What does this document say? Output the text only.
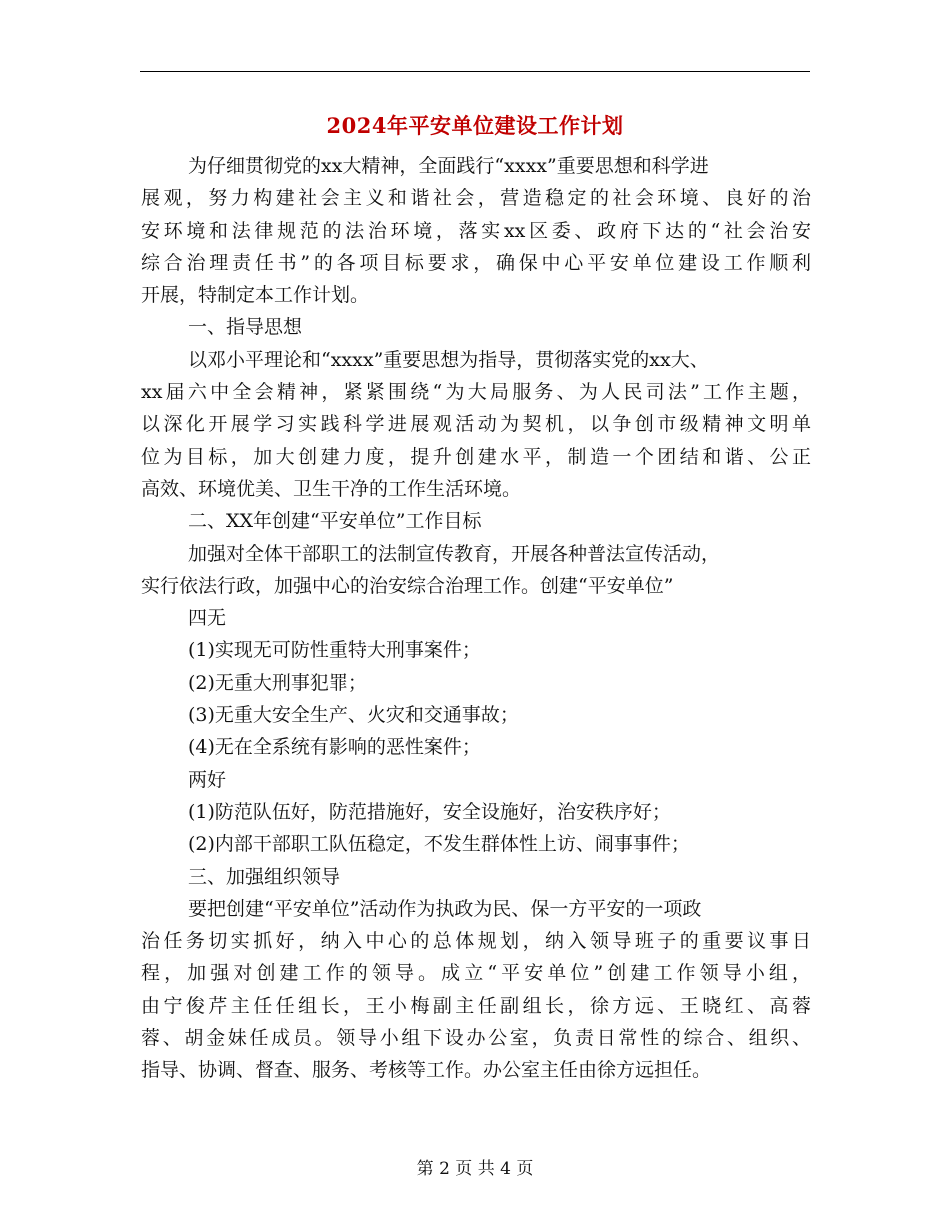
2024年平安单位建设工作计划
为仔细贯彻党的xx大精神，全面践行“xxxx”重要思想和科学进
展观，努力构建社会主义和谐社会，营造稳定的社会环境、良好的治
安环境和法律规范的法治环境，落实xx区委、政府下达的“社会治安
综合治理责任书”的各项目标要求，确保中心平安单位建设工作顺利
开展，特制定本工作计划。
一、指导思想
以邓小平理论和“xxxx”重要思想为指导，贯彻落实党的xx大、
xx届六中全会精神，紧紧围绕“为大局服务、为人民司法”工作主题，
以深化开展学习实践科学进展观活动为契机，以争创市级精神文明单
位为目标，加大创建力度，提升创建水平，制造一个团结和谐、公正
高效、环境优美、卫生干净的工作生活环境。
二、XX年创建“平安单位”工作目标
加强对全体干部职工的法制宣传教育，开展各种普法宣传活动，
实行依法行政，加强中心的治安综合治理工作。创建“平安单位”
四无
(1)实现无可防性重特大刑事案件；
(2)无重大刑事犯罪；
(3)无重大安全生产、火灾和交通事故；
(4)无在全系统有影响的恶性案件；
两好
(1)防范队伍好，防范措施好，安全设施好，治安秩序好；
(2)内部干部职工队伍稳定，不发生群体性上访、闹事事件；
三、加强组织领导
要把创建“平安单位”活动作为执政为民、保一方平安的一项政
治任务切实抓好，纳入中心的总体规划，纳入领导班子的重要议事日
程，加强对创建工作的领导。成立“平安单位”创建工作领导小组，
由宁俊芹主任任组长，王小梅副主任副组长，徐方远、王晓红、高蓉
蓉、胡金妹任成员。领导小组下设办公室，负责日常性的综合、组织、
指导、协调、督查、服务、考核等工作。办公室主任由徐方远担任。
第 2 页 共 4 页
